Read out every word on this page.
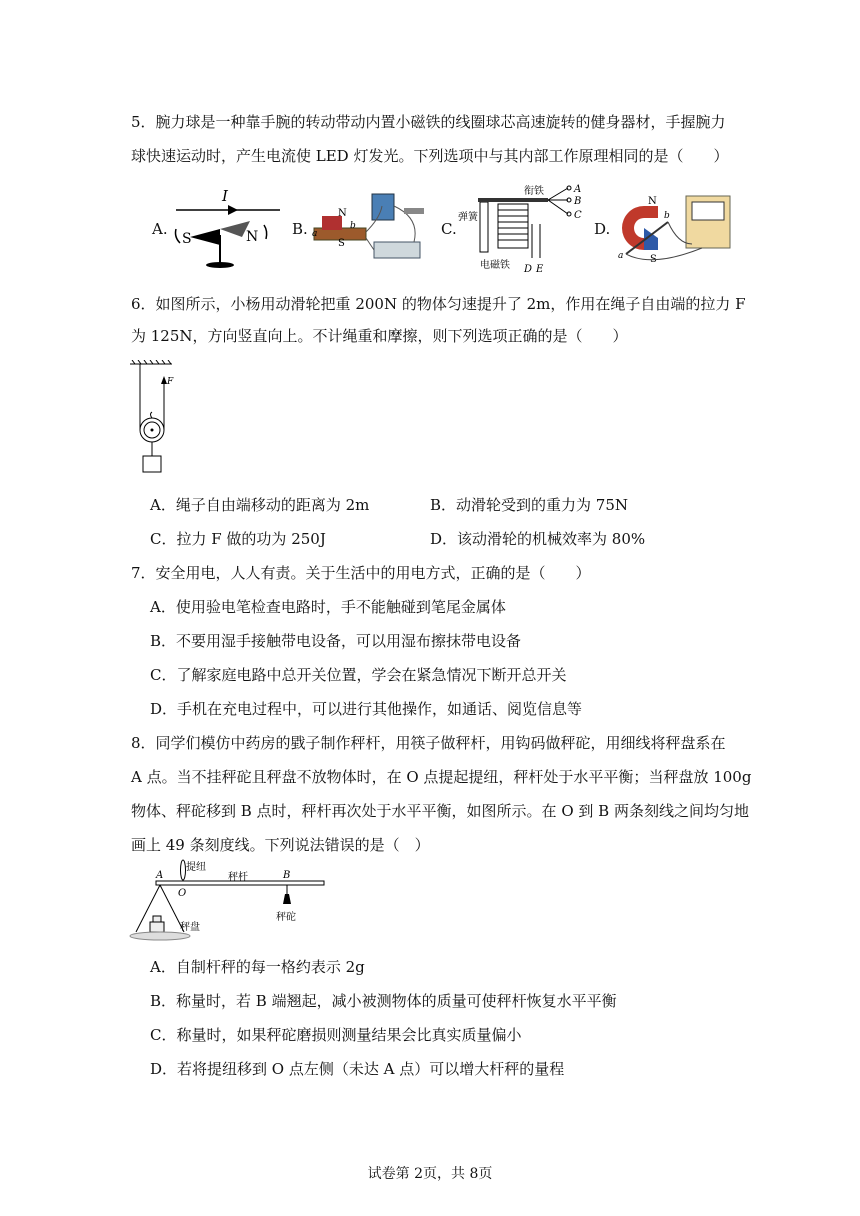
5．腕力球是一种靠手腕的转动带动内置小磁铁的线圈球芯高速旋转的健身器材，手握腕力
球快速运动时，产生电流使 LED 灯发光。下列选项中与其内部工作原理相同的是（　　）
A.
I
S	N B.
N
S
a
b	C.
A
B
C
衔铁
弹簧
电磁铁 D E
D.
N
S
a
b
6．如图所示，小杨用动滑轮把重 200N 的物体匀速提升了 2m，作用在绳子自由端的拉力 F
为 125N，方向竖直向上。不计绳重和摩擦，则下列选项正确的是（　　）
F
A．绳子自由端移动的距离为 2m	B．动滑轮受到的重力为 75N
C．拉力 F 做的功为 250J	D．该动滑轮的机械效率为 80%
7．安全用电，人人有责。关于生活中的用电方式，正确的是（　　）
A．使用验电笔检查电路时，手不能触碰到笔尾金属体
B．不要用湿手接触带电设备，可以用湿布擦抹带电设备
C．了解家庭电路中总开关位置，学会在紧急情况下断开总开关
D．手机在充电过程中，可以进行其他操作，如通话、阅览信息等
8．同学们模仿中药房的戥子制作秤杆，用筷子做秤杆，用钩码做秤砣，用细线将秤盘系在
A 点。当不挂秤砣且秤盘不放物体时，在 O 点提起提纽，秤杆处于水平平衡；当秤盘放 100g
物体、秤砣移到 B 点时，秤杆再次处于水平平衡，如图所示。在 O 到 B 两条刻线之间均匀地
画上 49 条刻度线。下列说法错误的是（　）
提纽
A
O
秤杆	B
秤砣
秤盘
A．自制杆秤的每一格约表示 2g
B．称量时，若 B 端翘起，减小被测物体的质量可使秤杆恢复水平平衡
C．称量时，如果秤砣磨损则测量结果会比真实质量偏小
D．若将提纽移到 O 点左侧（未达 A 点）可以增大杆秤的量程
试卷第 2页，共 8页
